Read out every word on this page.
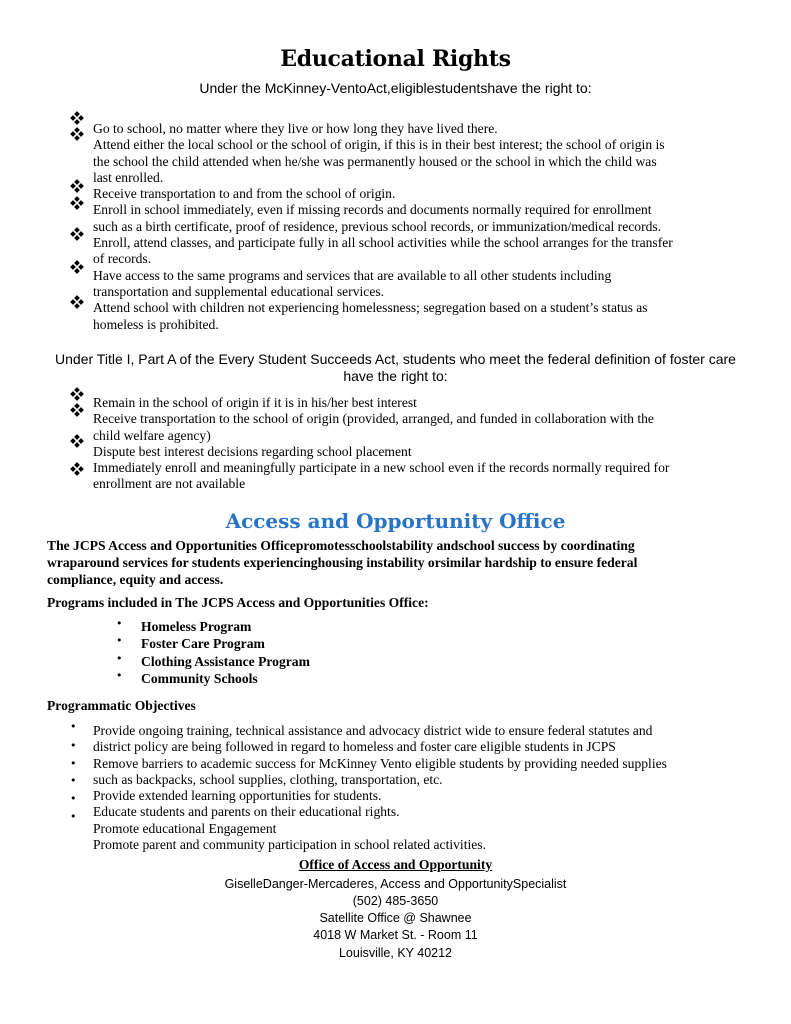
Educational Rights
Under the McKinney-VentoAct,eligiblestudentshave the right to:

Go to school, no matter where they live or how long they have lived there.

Attend either the local school or the school of origin, if this is in their best interest; the school of origin is

the school the child attended when he/she was permanently housed or the school in which the child was

last enrolled.

Receive transportation to and from the school of origin.

Enroll in school immediately, even if missing records and documents normally required for enrollment

such as a birth certificate, proof of residence, previous school records, or immunization/medical records.

Enroll, attend classes, and participate fully in all school activities while the school arranges for the transfer

of records.

Have access to the same programs and services that are available to all other students including

transportation and supplemental educational services.

Attend school with children not experiencing homelessness; segregation based on a student’s status as

homeless is prohibited.

Under Title I, Part A of the Every Student Succeeds Act, students who meet the federal definition of foster care
have the right to:

Remain in the school of origin if it is in his/her best interest

Receive transportation to the school of origin (provided, arranged, and funded in collaboration with the

child welfare agency)

Dispute best interest decisions regarding school placement

Immediately enroll and meaningfully participate in a new school even if the records normally required for

enrollment are not available

Access and Opportunity Office
The JCPS Access and Opportunities Officepromotesschoolstability andschool success by coordinating
wraparound services for students experiencinghousing instability orsimilar hardship to ensure federal
compliance, equity and access.
Programs included in The JCPS Access and Opportunities Office:
• Homeless Program
• Foster Care Program
• Clothing Assistance Program
• Community Schools
Programmatic Objectives
•
•
•
•
•
•

Provide ongoing training, technical assistance and advocacy district wide to ensure federal statutes and

district policy are being followed in regard to homeless and foster care eligible students in JCPS

Remove barriers to academic success for McKinney Vento eligible students by providing needed supplies

such as backpacks, school supplies, clothing, transportation, etc.

Provide extended learning opportunities for students.

Educate students and parents on their educational rights.

Promote educational Engagement

Promote parent and community participation in school related activities.

Office of Access and Opportunity
GiselleDanger-Mercaderes, Access and OpportunitySpecialist
(502) 485-3650
Satellite Office @ Shawnee
4018 W Market St. - Room 11
Louisville, KY 40212
